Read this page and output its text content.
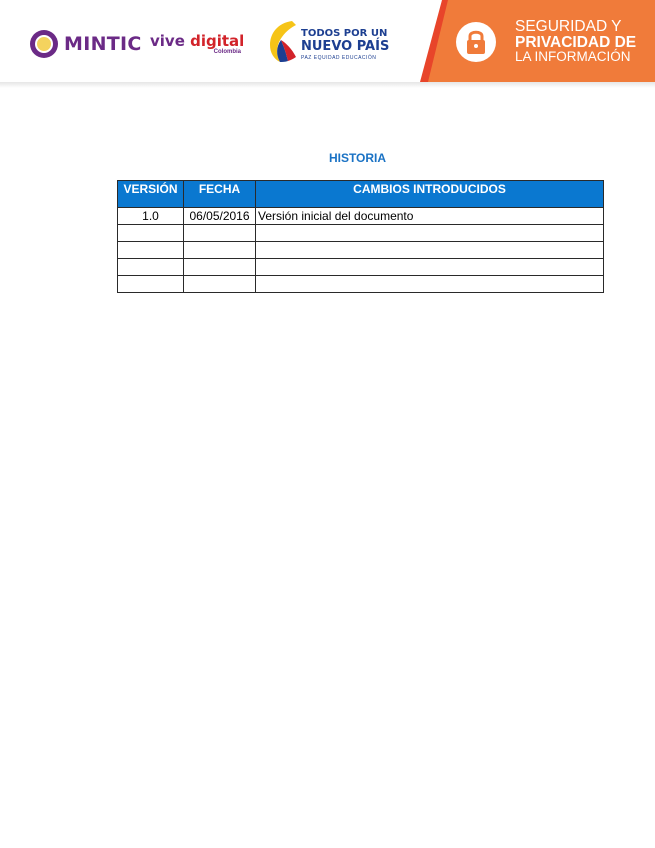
MINTIC vive digital
Colombia
TODOS POR UN
NUEVO PAÍS
PAZ EQUIDAD EDUCACIÓN
SEGURIDAD Y
PRIVACIDAD DE
LA INFORMACIÓN
HISTORIA
VERSIÓN	FECHA	CAMBIOS INTRODUCIDOS
1.0	06/05/2016	Versión inicial del documento
